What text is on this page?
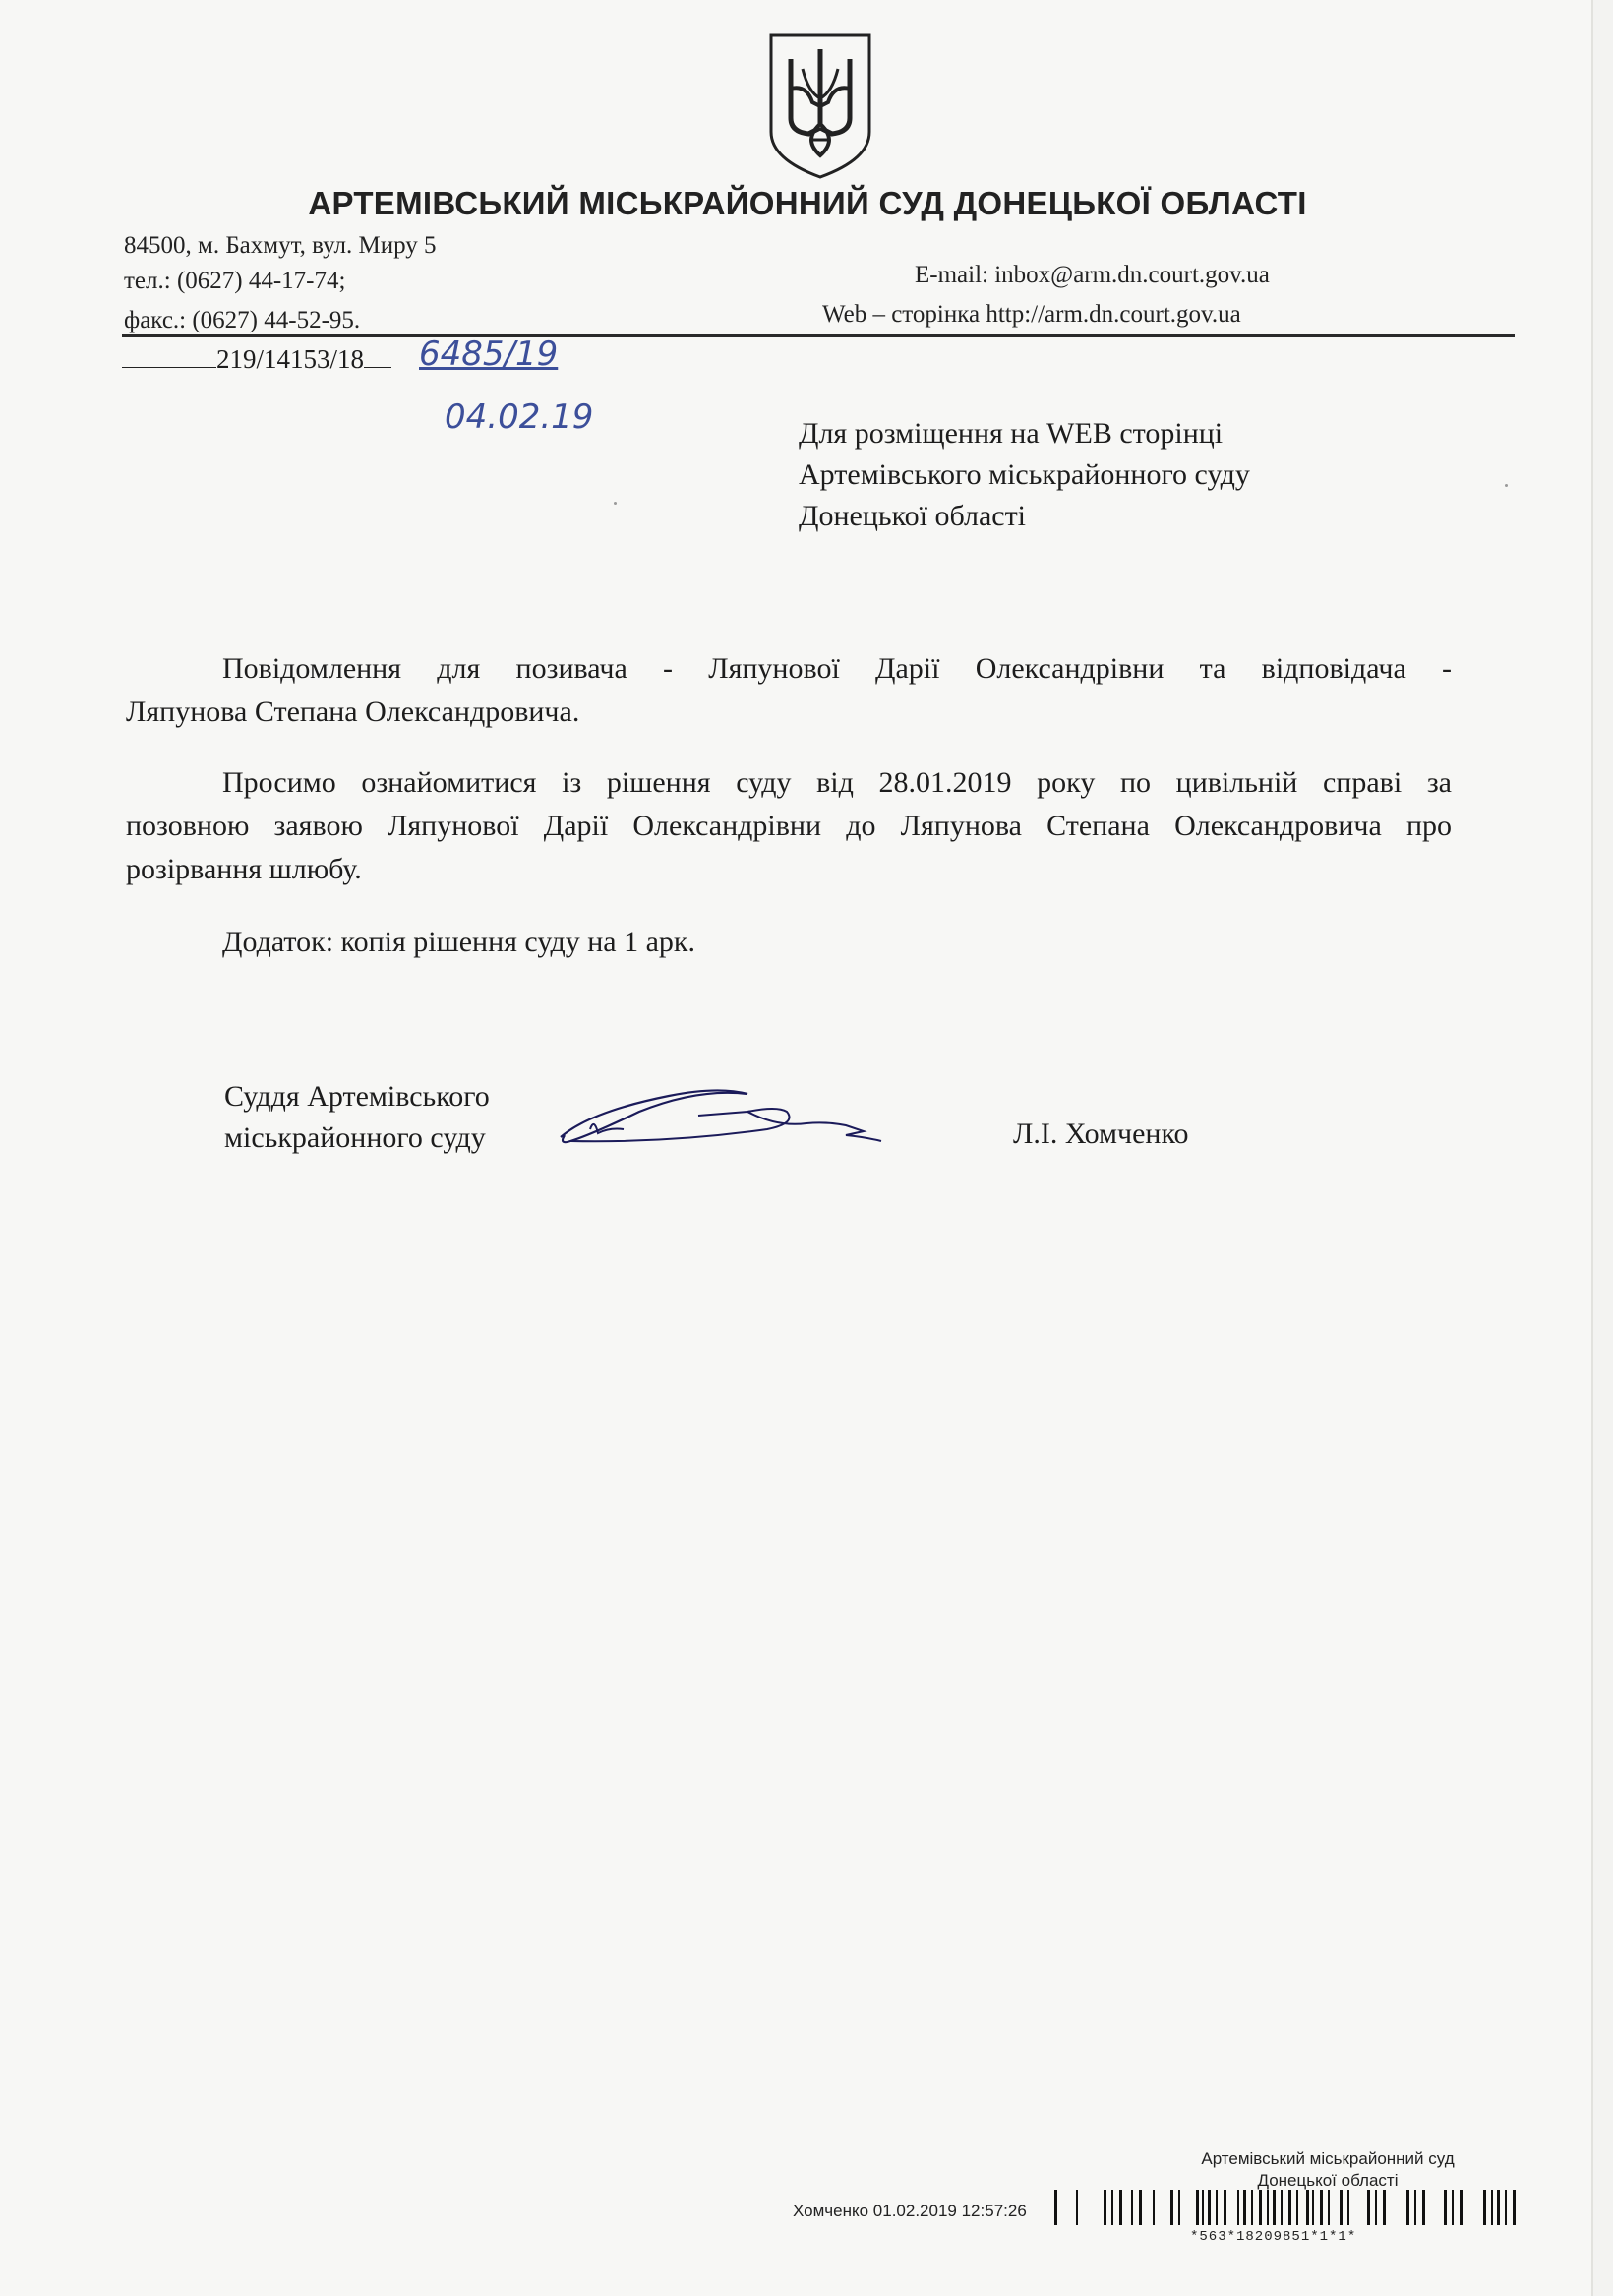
АРТЕМІВСЬКИЙ МІСЬКРАЙОННИЙ СУД ДОНЕЦЬКОЇ ОБЛАСТІ
84500, м. Бахмут, вул. Миру 5
тел.: (0627) 44-17-74;
факс.: (0627) 44-52-95.
E-mail: inbox@arm.dn.court.gov.ua
Web – сторінка http://arm.dn.court.gov.ua
219/14153/18	6485/19
04.02.19	Для розміщення на WEB сторінці
Артемівського міськрайонного суду
Донецької області
Повідомлення для позивача - Ляпунової Дарії Олександрівни та відповідача -
Ляпунова Степана Олександровича.
Просимо ознайомитися із рішення суду від 28.01.2019 року по цивільній справі за
позовною заявою Ляпунової Дарії Олександрівни до Ляпунова Степана Олександровича про
розірвання шлюбу.
Додаток: копія рішення суду на 1 арк.
Суддя Артемівського
міськрайонного суду	Л.І. Хомченко
Артемівський міськрайонний суд
Донецької області
Хомченко 01.02.2019 12:57:26
*563*18209851*1*1*
